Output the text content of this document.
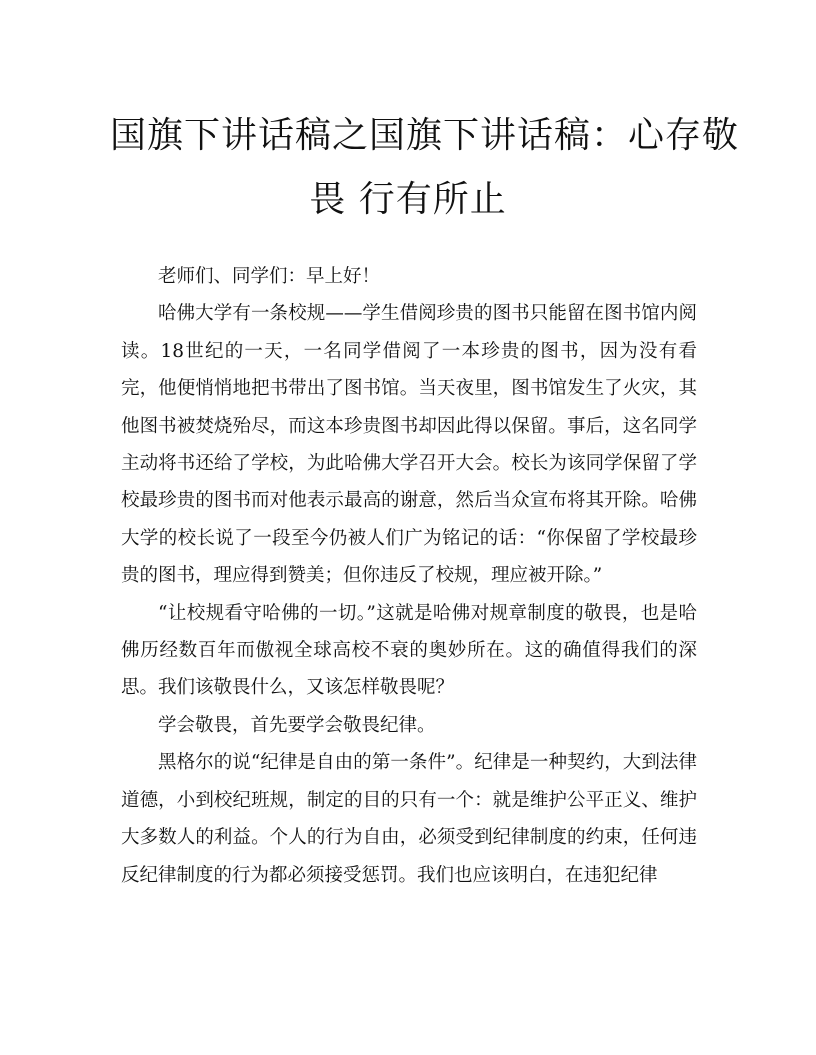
国旗下讲话稿之国旗下讲话稿：心存敬
畏 行有所止

老师们、同学们：早上好！

哈佛大学有一条校规——学生借阅珍贵的图书只能留在图书馆内阅读。18世纪的一天，一名同学借阅了一本珍贵的图书，因为没有看完，他便悄悄地把书带出了图书馆。当天夜里，图书馆发生了火灾，其他图书被焚烧殆尽，而这本珍贵图书却因此得以保留。事后，这名同学主动将书还给了学校，为此哈佛大学召开大会。校长为该同学保留了学校最珍贵的图书而对他表示最高的谢意，然后当众宣布将其开除。哈佛大学的校长说了一段至今仍被人们广为铭记的话：“你保留了学校最珍贵的图书，理应得到赞美；但你违反了校规，理应被开除。”

“让校规看守哈佛的一切。”这就是哈佛对规章制度的敬畏，也是哈佛历经数百年而傲视全球高校不衰的奥妙所在。这的确值得我们的深思。我们该敬畏什么，又该怎样敬畏呢？

学会敬畏，首先要学会敬畏纪律。

黑格尔的说“纪律是自由的第一条件”。纪律是一种契约，大到法律道德，小到校纪班规，制定的目的只有一个：就是维护公平正义、维护大多数人的利益。个人的行为自由，必须受到纪律制度的约束，任何违反纪律制度的行为都必须接受惩罚。我们也应该明白，在违犯纪律
